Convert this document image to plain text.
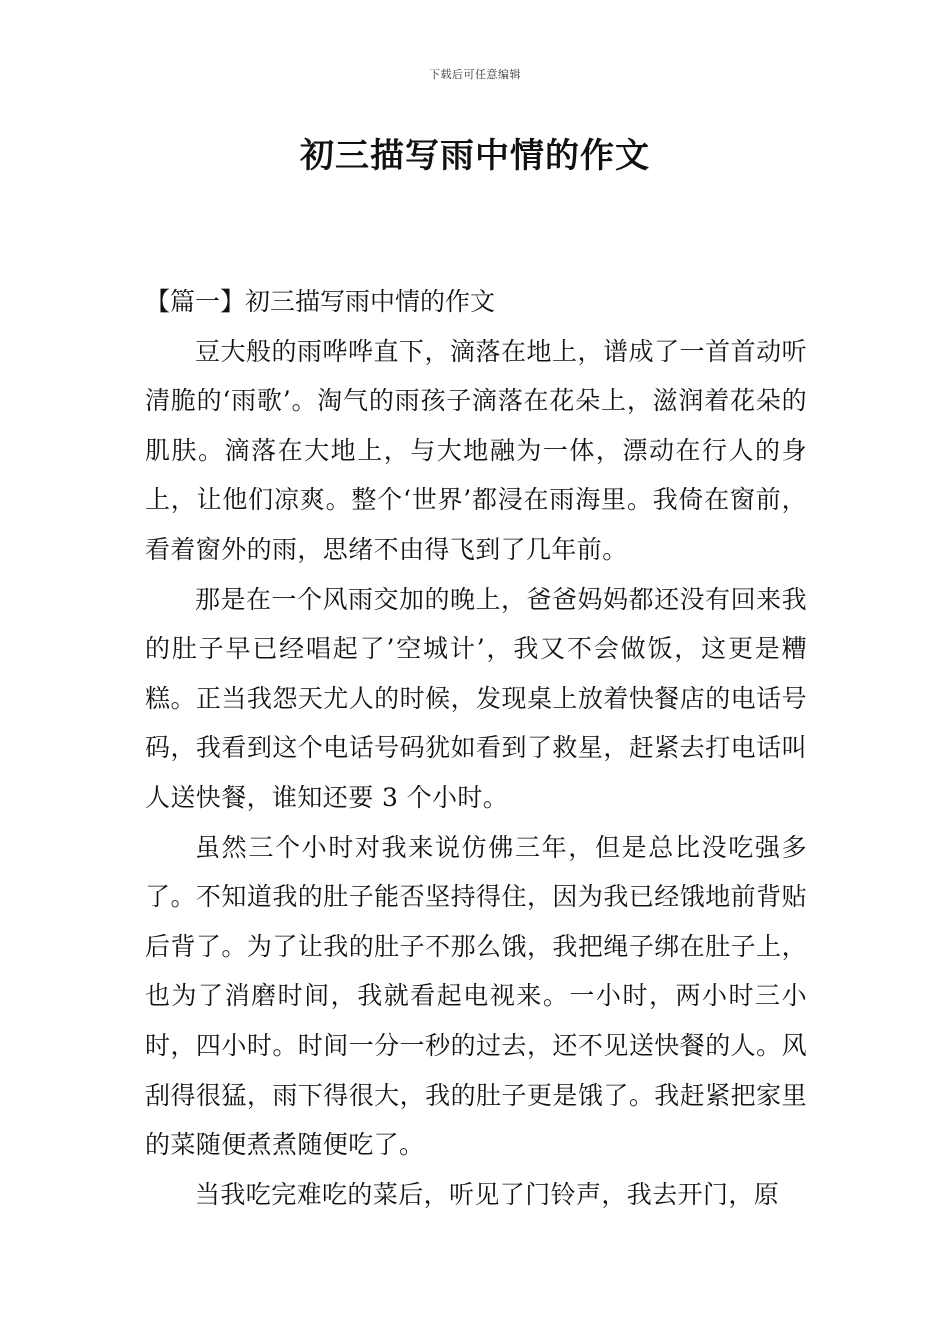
下载后可任意编辑
初三描写雨中情的作文
【篇一】初三描写雨中情的作文

豆大般的雨哗哗直下，滴落在地上，谱成了一首首动听清脆的‘雨歌’。淘气的雨孩子滴落在花朵上，滋润着花朵的肌肤。滴落在大地上，与大地融为一体，漂动在行人的身上，让他们凉爽。整个‘世界’都浸在雨海里。我倚在窗前，看着窗外的雨，思绪不由得飞到了几年前。

那是在一个风雨交加的晚上，爸爸妈妈都还没有回来我的肚子早已经唱起了’空城计’，我又不会做饭，这更是糟糕。正当我怨天尤人的时候，发现桌上放着快餐店的电话号码，我看到这个电话号码犹如看到了救星，赶紧去打电话叫人送快餐，谁知还要 3 个小时。

虽然三个小时对我来说仿佛三年，但是总比没吃强多了。不知道我的肚子能否坚持得住，因为我已经饿地前背贴后背了。为了让我的肚子不那么饿，我把绳子绑在肚子上，也为了消磨时间，我就看起电视来。一小时，两小时三小时，四小时。时间一分一秒的过去，还不见送快餐的人。风刮得很猛，雨下得很大，我的肚子更是饿了。我赶紧把家里的菜随便煮煮随便吃了。

当我吃完难吃的菜后，听见了门铃声，我去开门，原
